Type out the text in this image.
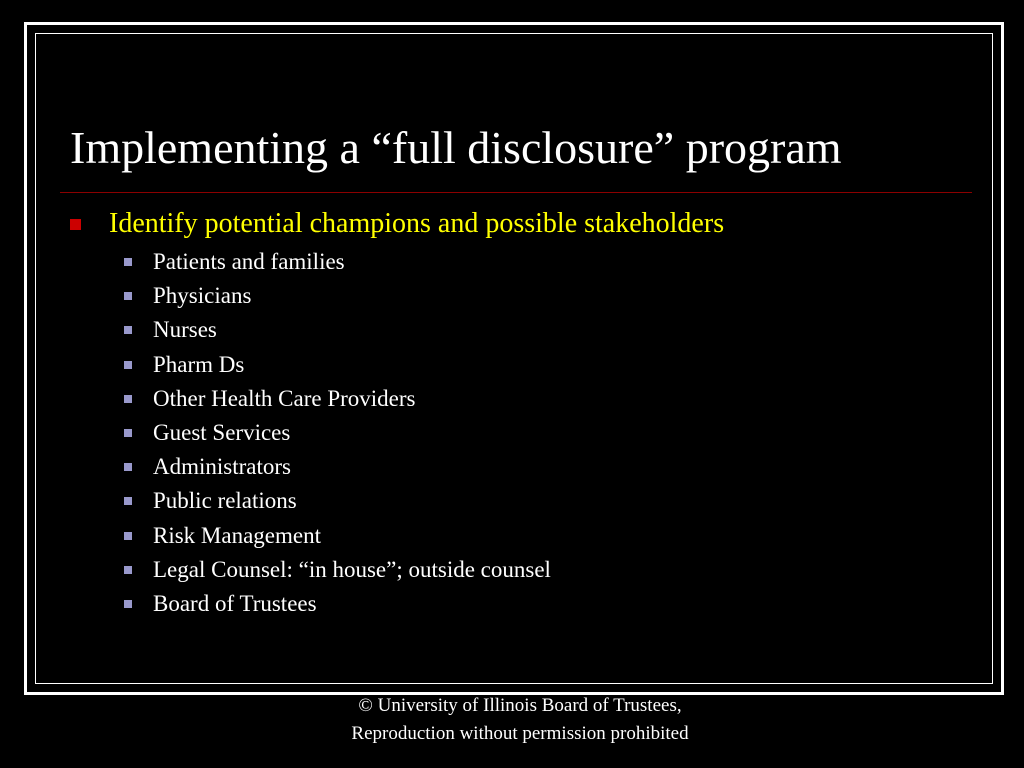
Implementing a “full disclosure” program
Identify potential champions and possible stakeholders
Patients and families
Physicians
Nurses
Pharm Ds
Other Health Care Providers
Guest Services
Administrators
Public relations
Risk Management
Legal Counsel: “in house”; outside counsel
Board of Trustees
© University of Illinois Board of Trustees,
Reproduction without permission prohibited
